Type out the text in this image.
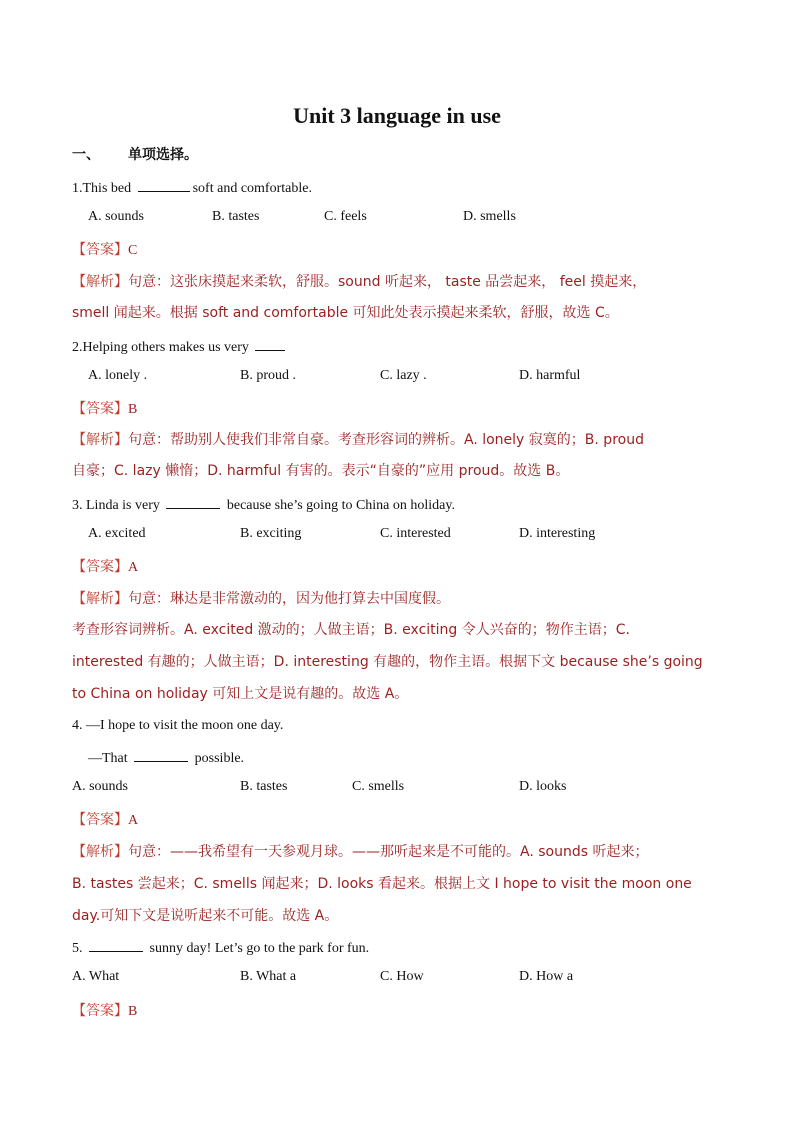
Unit 3 language in use
一、 单项选择。
1.This bed	soft and comfortable.
A. sounds	B. tastes	C. feels	D. smells
【答案】C
【解析】句意：这张床摸起来柔软，舒服。sound 听起来， taste 品尝起来， feel 摸起来，
smell 闻起来。根据 soft and comfortable 可知此处表示摸起来柔软，舒服，故选 C。
2.Helping others makes us very
A. lonely .	B. proud .	C. lazy .	D. harmful
【答案】B
【解析】句意：帮助别人使我们非常自豪。考查形容词的辨析。A. lonely 寂寞的；B. proud
自豪；C. lazy 懒惰；D. harmful 有害的。表示“自豪的”应用 proud。故选 B。
3. Linda is very	because she’s going to China on holiday.
A. excited	B. exciting	C. interested	D. interesting
【答案】A
【解析】句意：琳达是非常激动的，因为他打算去中国度假。
考查形容词辨析。A. excited 激动的；人做主语；B. exciting 令人兴奋的；物作主语；C.
interested 有趣的；人做主语；D. interesting 有趣的，物作主语。根据下文 because she’s going
to China on holiday 可知上文是说有趣的。故选 A。
4. —I hope to visit the moon one day.
—That	possible.
A. sounds	B. tastes	C. smells	D. looks
【答案】A
【解析】句意：——我希望有一天参观月球。——那听起来是不可能的。A. sounds 听起来；
B. tastes 尝起来；C. smells 闻起来；D. looks 看起来。根据上文 I hope to visit the moon one
day.可知下文是说听起来不可能。故选 A。
5.	sunny day! Let’s go to the park for fun.
A. What	B. What a	C. How	D. How a
【答案】B
